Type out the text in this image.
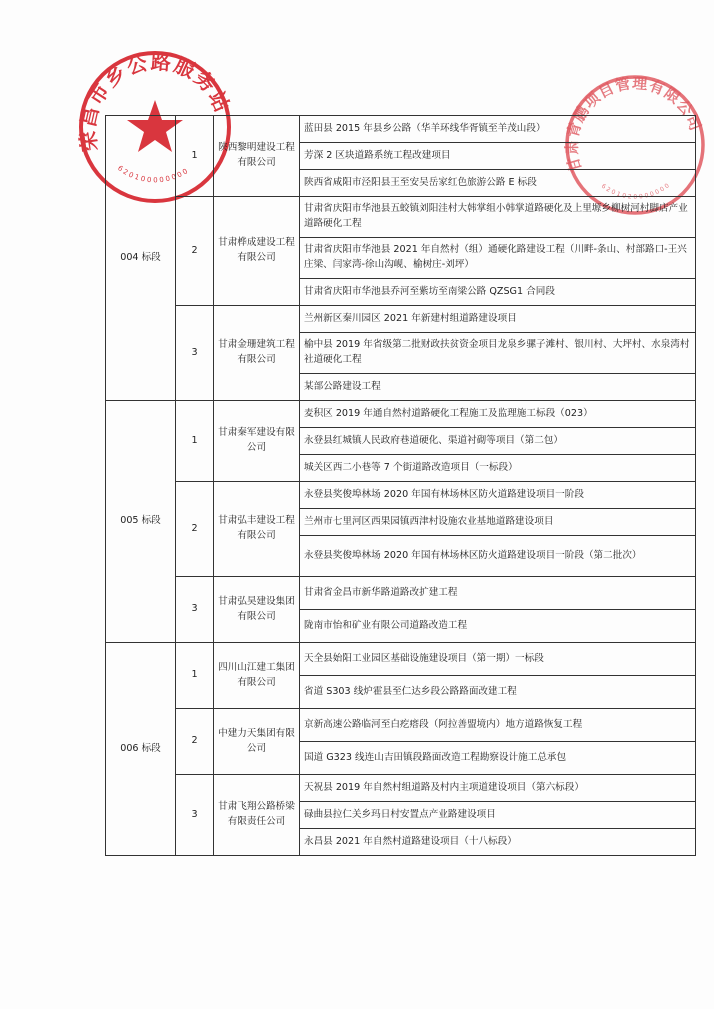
荣昌市乡公路服务站
620100000000	甘肃青鹏项目管理有限公司
6201020000000
004 标段	1	陕西黎明建设工程有限公司	蓝田县 2015 年县乡公路（华羊环线华胥镇至羊茂山段）
			芳深 2 区块道路系统工程改建项目
			陕西省咸阳市泾阳县王至安吴岳家红色旅游公路 E 标段
	2	甘肃桦成建设工程有限公司	甘肃省庆阳市华池县五蛟镇刘阳洼村大韩掌组小韩掌道路硬化及上里塬乡柳树河村脚店产业道路硬化工程
			甘肃省庆阳市华池县 2021 年自然村（组）通硬化路建设工程（川畔-条山、村部路口-王兴庄梁、闫家湾-徐山沟岘、榆树庄-刘坪）
			甘肃省庆阳市华池县乔河至紫坊至南梁公路 QZSG1 合同段
	3	甘肃金珊建筑工程有限公司	兰州新区秦川园区 2021 年新建村组道路建设项目
			榆中县 2019 年省级第二批财政扶贫资金项目龙泉乡骡子滩村、银川村、大坪村、水泉湾村社道硬化工程
			某部公路建设工程
005 标段	1	甘肃秦军建设有限公司	麦积区 2019 年通自然村道路硬化工程施工及监理施工标段（023）
			永登县红城镇人民政府巷道硬化、渠道衬砌等项目（第二包）
			城关区西二小巷等 7 个街道路改造项目（一标段）
	2	甘肃弘丰建设工程有限公司	永登县奖俊埠林场 2020 年国有林场林区防火道路建设项目一阶段
			兰州市七里河区西果园镇西津村设施农业基地道路建设项目
			永登县奖俊埠林场 2020 年国有林场林区防火道路建设项目一阶段（第二批次）
	3	甘肃弘昊建设集团有限公司	甘肃省金昌市新华路道路改扩建工程
			陇南市怡和矿业有限公司道路改造工程
006 标段	1	四川山江建工集团有限公司	天全县始阳工业园区基础设施建设项目（第一期）一标段
			省道 S303 线炉霍县至仁达乡段公路路面改建工程
	2	中建力天集团有限公司	京新高速公路临河至白疙瘩段（阿拉善盟境内）地方道路恢复工程
			国道 G323 线连山吉田镇段路面改造工程勘察设计施工总承包
	3	甘肃飞翔公路桥梁有限责任公司	天祝县 2019 年自然村组道路及村内主项道建设项目（第六标段）
			碌曲县拉仁关乡玛日村安置点产业路建设项目
			永昌县 2021 年自然村道路建设项目（十八标段）
